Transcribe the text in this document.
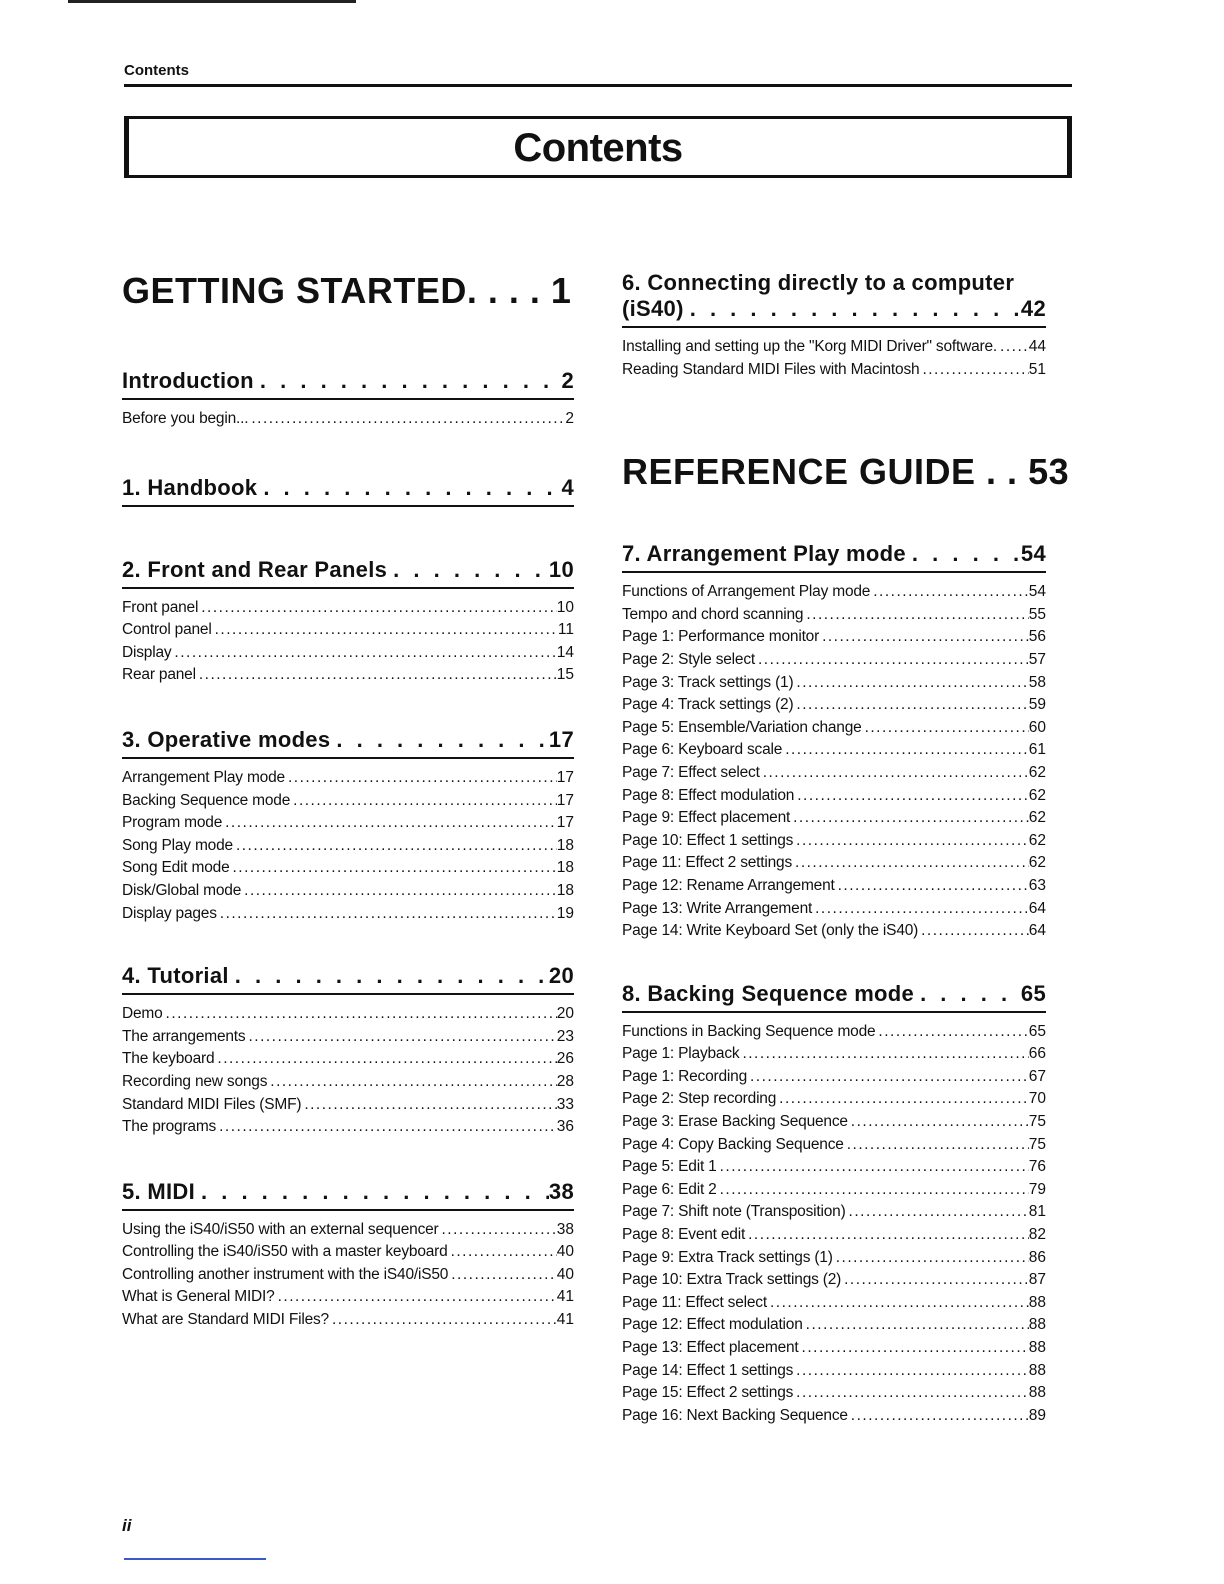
Contents
Contents
GETTING STARTED. . . . 1
Introduction . . .	2
Before you begin... .....	2
1. Handbook . . .	4
2. Front and Rear Panels . . .	10
Front panel .....	10
Control panel .....	11
Display .....	14
Rear panel .....	15
3. Operative modes . . .	17
Arrangement Play mode .....	17
Backing Sequence mode .....	17
Program mode .....	17
Song Play mode .....	18
Song Edit mode .....	18
Disk/Global mode .....	18
Display pages .....	19
4. Tutorial . . .	20
Demo .....	20
The arrangements .....	23
The keyboard .....	26
Recording new songs .....	28
Standard MIDI Files (SMF) .....	33
The programs .....	36
5. MIDI . . .	38
Using the iS40/iS50 with an external sequencer .....	38
Controlling the iS40/iS50 with a master keyboard .....	40
Controlling another instrument with the iS40/iS50 .....	40
What is General MIDI? .....	41
What are Standard MIDI Files? .....	41
6. Connecting directly to a computer
(iS40) . . .	42
Installing and setting up the "Korg MIDI Driver" software. ..... 44
Reading Standard MIDI Files with Macintosh .....	51
REFERENCE GUIDE . . 53
7. Arrangement Play mode . . .	54
Functions of Arrangement Play mode .....	54
Tempo and chord scanning .....	55
Page 1: Performance monitor .....	56
Page 2: Style select .....	57
Page 3: Track settings (1) .....	58
Page 4: Track settings (2) .....	59
Page 5: Ensemble/Variation change .....	60
Page 6: Keyboard scale .....	61
Page 7: Effect select .....	62
Page 8: Effect modulation .....	62
Page 9: Effect placement .....	62
Page 10: Effect 1 settings .....	62
Page 11: Effect 2 settings .....	62
Page 12: Rename Arrangement .....	63
Page 13: Write Arrangement .....	64
Page 14: Write Keyboard Set (only the iS40) .....	64
8. Backing Sequence mode . . .	65
Functions in Backing Sequence mode .....	65
Page 1: Playback .....	66
Page 1: Recording .....	67
Page 2: Step recording .....	70
Page 3: Erase Backing Sequence .....	75
Page 4: Copy Backing Sequence .....	75
Page 5: Edit 1 .....	76
Page 6: Edit 2 .....	79
Page 7: Shift note (Transposition) .....	81
Page 8: Event edit .....	82
Page 9: Extra Track settings (1) .....	86
Page 10: Extra Track settings (2) .....	87
Page 11: Effect select .....	88
Page 12: Effect modulation .....	88
Page 13: Effect placement .....	88
Page 14: Effect 1 settings .....	88
Page 15: Effect 2 settings .....	88
Page 16: Next Backing Sequence .....	89
ii
